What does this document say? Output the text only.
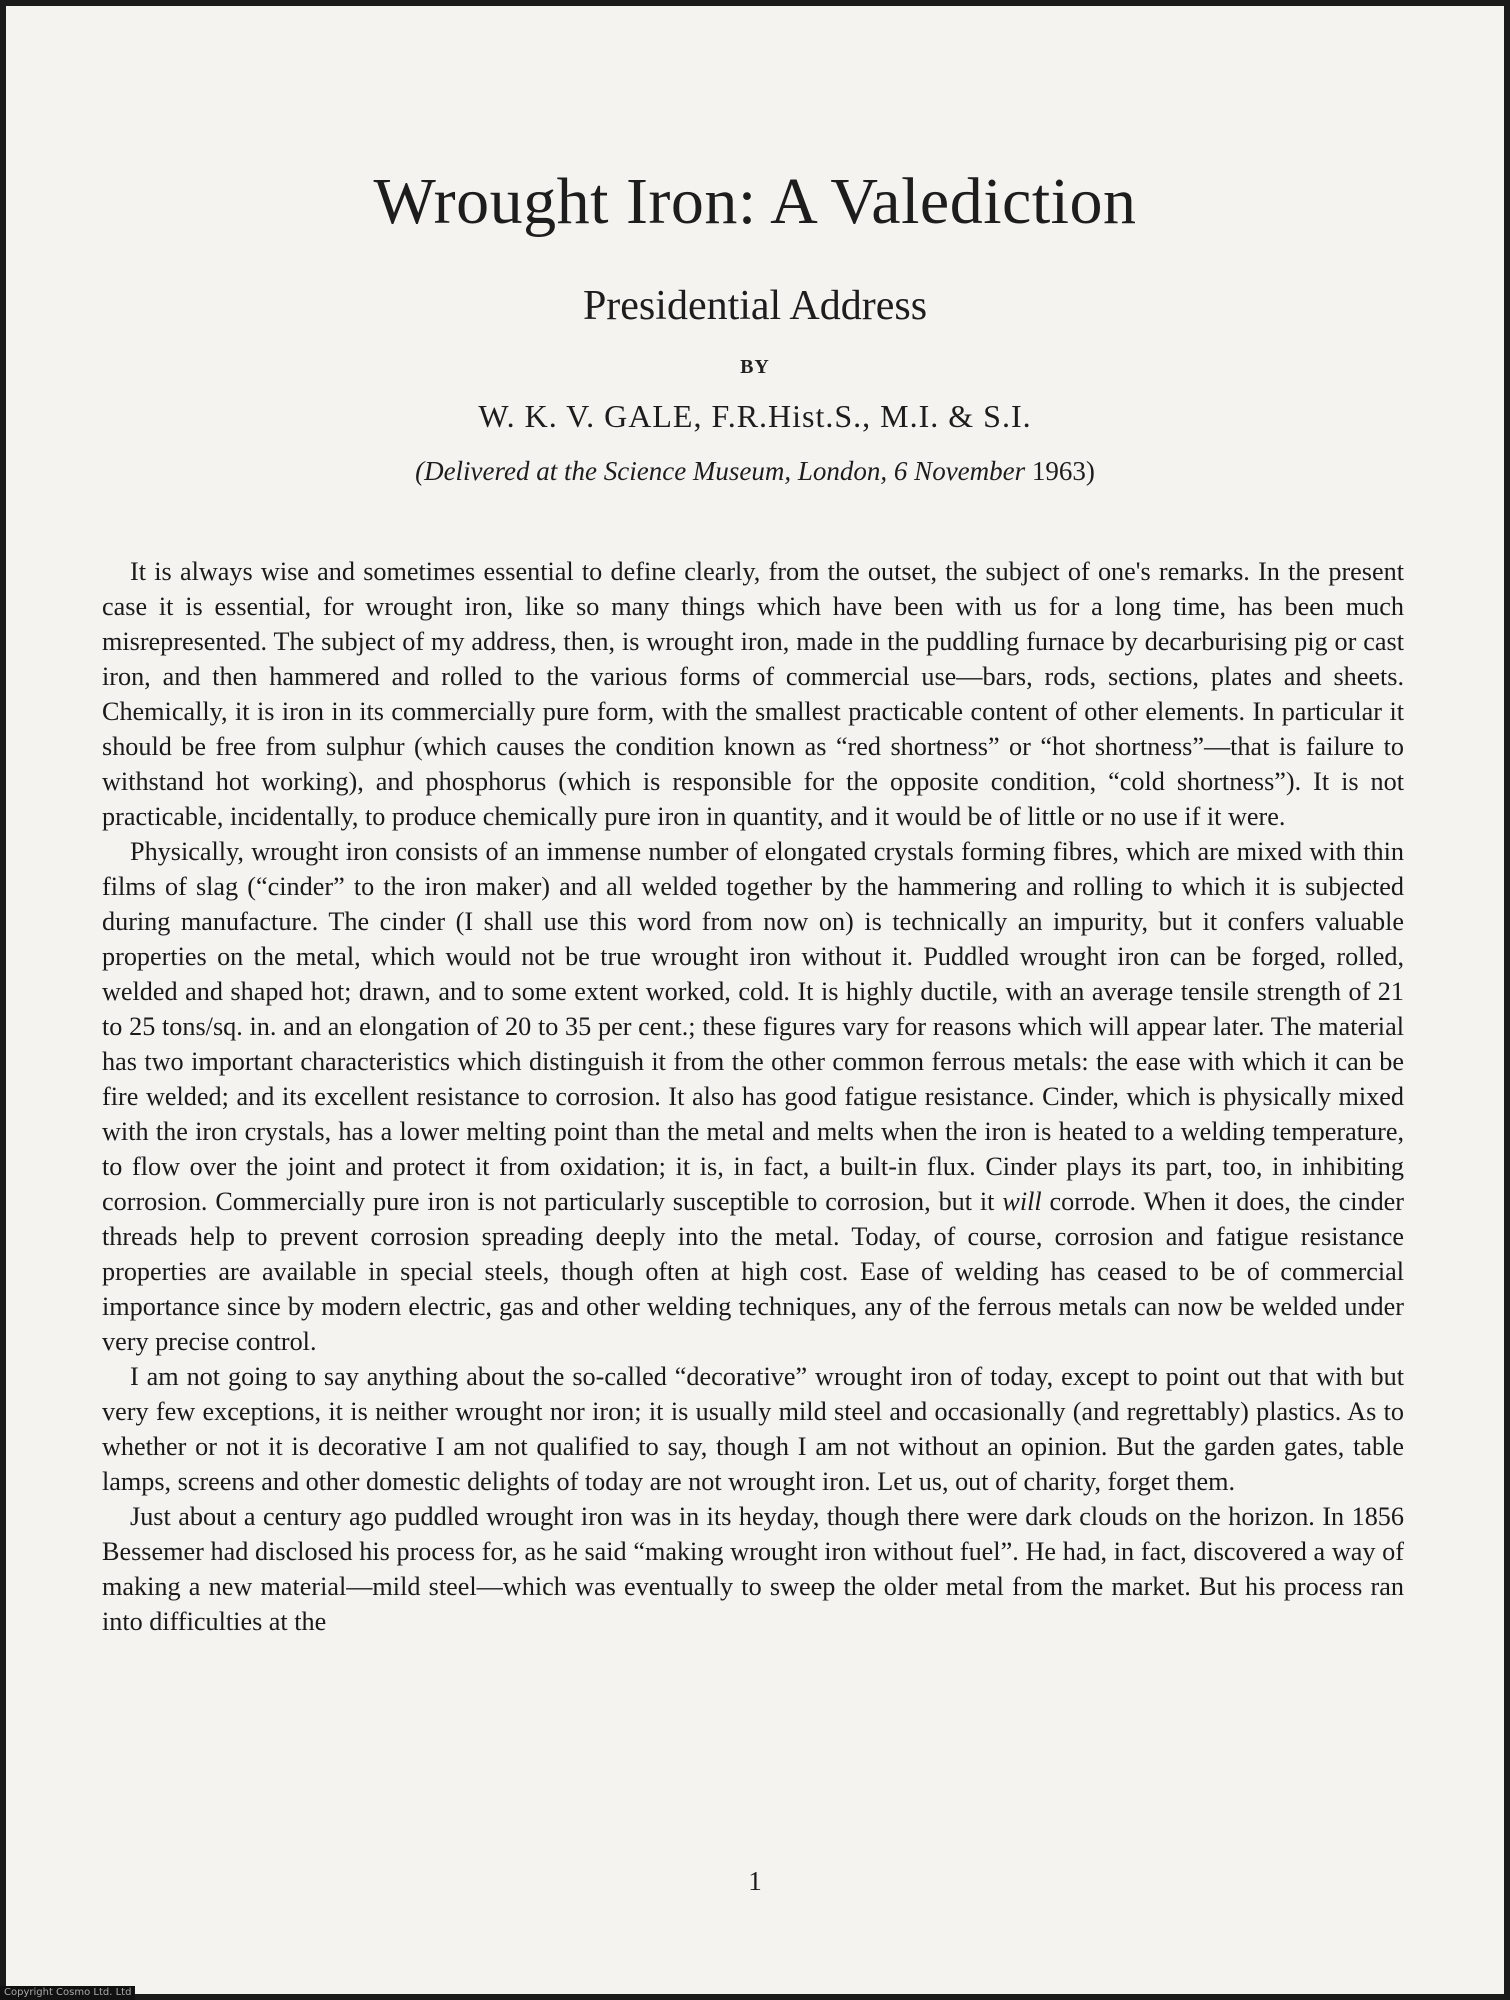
Wrought Iron: A Valediction
Presidential Address
BY
W. K. V. GALE, F.R.Hist.S., M.I. & S.I.
(Delivered at the Science Museum, London, 6 November 1963)

It is always wise and sometimes essential to define clearly, from the outset, the subject of one's remarks. In the present case it is essential, for wrought iron, like so many things which have been with us for a long time, has been much misrepresented. The subject of my address, then, is wrought iron, made in the puddling furnace by decarburising pig or cast iron, and then hammered and rolled to the various forms of commercial use—bars, rods, sections, plates and sheets. Chemically, it is iron in its commercially pure form, with the smallest practicable content of other elements. In particular it should be free from sulphur (which causes the condition known as “red shortness” or “hot shortness”—that is failure to withstand hot working), and phosphorus (which is responsible for the opposite condition, “cold shortness”). It is not practicable, incidentally, to produce chemically pure iron in quantity, and it would be of little or no use if it were.

Physically, wrought iron consists of an immense number of elongated crystals forming fibres, which are mixed with thin films of slag (“cinder” to the iron maker) and all welded together by the hammering and rolling to which it is subjected during manufacture. The cinder (I shall use this word from now on) is technically an impurity, but it confers valuable properties on the metal, which would not be true wrought iron without it. Puddled wrought iron can be forged, rolled, welded and shaped hot; drawn, and to some extent worked, cold. It is highly ductile, with an average tensile strength of 21 to 25 tons/sq. in. and an elongation of 20 to 35 per cent.; these figures vary for reasons which will appear later. The material has two important characteristics which distinguish it from the other common ferrous metals: the ease with which it can be fire welded; and its excellent resistance to corrosion. It also has good fatigue resistance. Cinder, which is physically mixed with the iron crystals, has a lower melting point than the metal and melts when the iron is heated to a welding temperature, to flow over the joint and protect it from oxidation; it is, in fact, a built-in flux. Cinder plays its part, too, in inhibiting corrosion. Commercially pure iron is not particularly susceptible to corrosion, but it will corrode. When it does, the cinder threads help to prevent corrosion spreading deeply into the metal. Today, of course, corrosion and fatigue resistance properties are available in special steels, though often at high cost. Ease of welding has ceased to be of commercial importance since by modern electric, gas and other welding techniques, any of the ferrous metals can now be welded under very precise control.

I am not going to say anything about the so-called “decorative” wrought iron of today, except to point out that with but very few exceptions, it is neither wrought nor iron; it is usually mild steel and occasionally (and regrettably) plastics. As to whether or not it is decorative I am not qualified to say, though I am not without an opinion. But the garden gates, table lamps, screens and other domestic delights of today are not wrought iron. Let us, out of charity, forget them.

Just about a century ago puddled wrought iron was in its heyday, though there were dark clouds on the horizon. In 1856 Bessemer had disclosed his process for, as he said “making wrought iron without fuel”. He had, in fact, discovered a way of making a new material—mild steel—which was eventually to sweep the older metal from the market. But his process ran into difficulties at the

1
Copyright Cosmo Ltd. Ltd
